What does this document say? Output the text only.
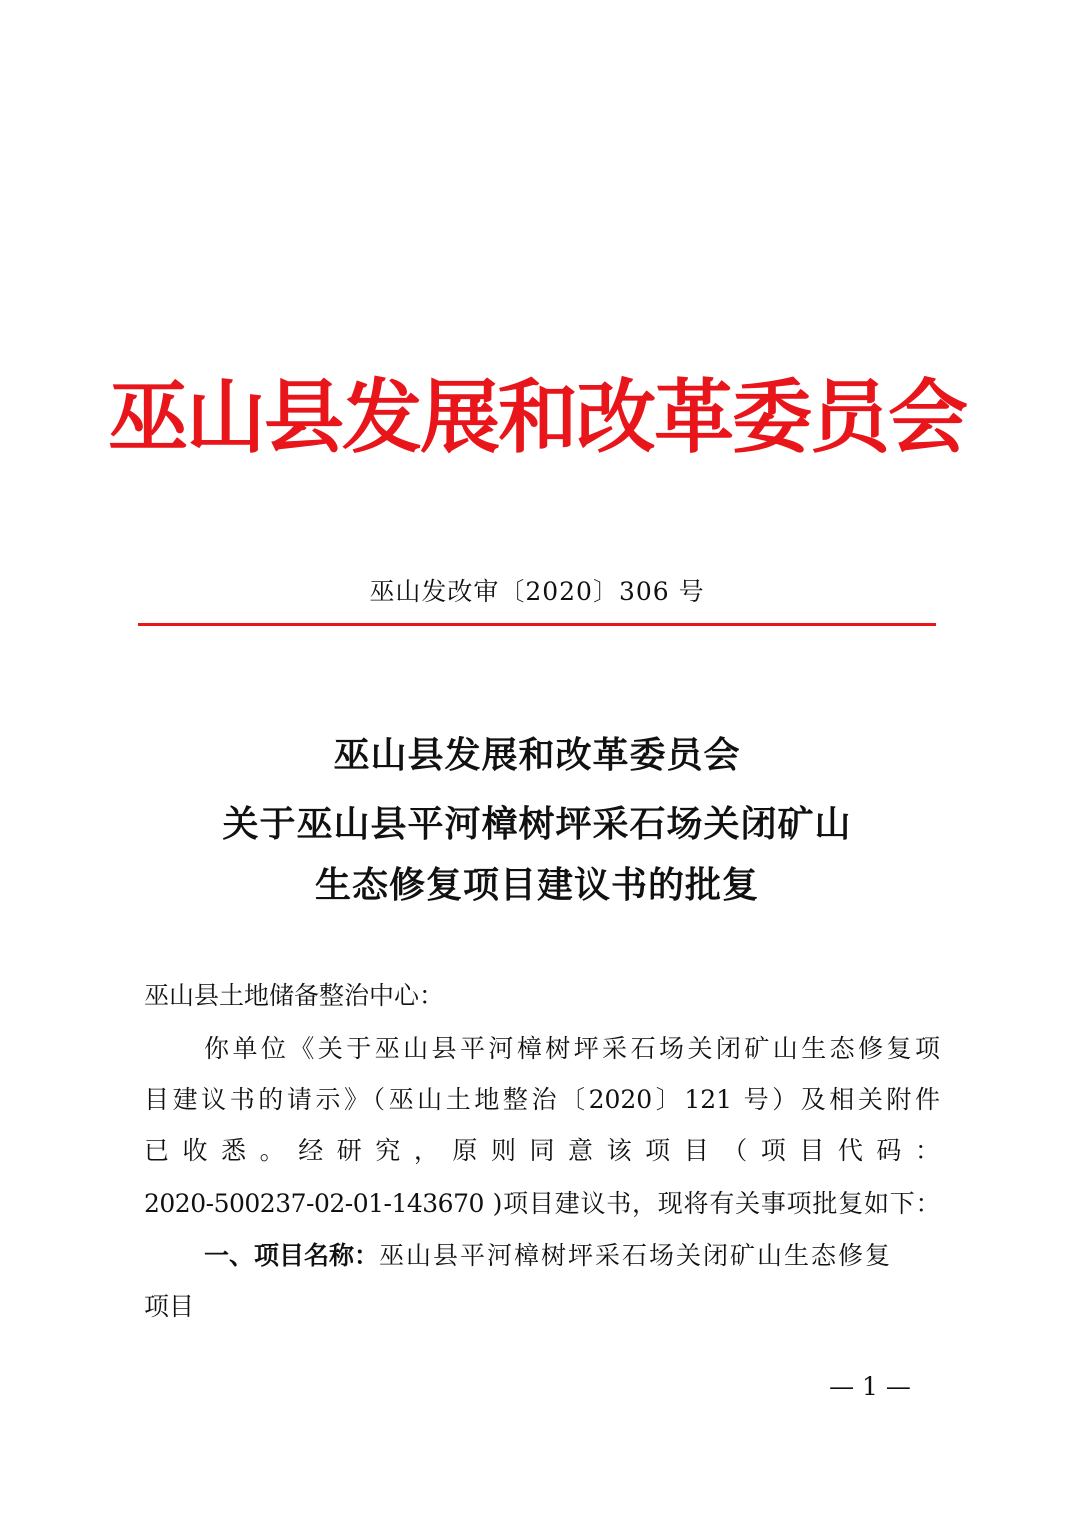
巫山县发展和改革委员会
巫山发改审〔2020〕306 号
巫山县发展和改革委员会
关于巫山县平河樟树坪采石场关闭矿山
生态修复项目建议书的批复
巫山县土地储备整治中心：
你单位《关于巫山县平河樟树坪采石场关闭矿山生态修复项
目建议书的请示》（巫山土地整治〔2020〕121 号）及相关附件
已收悉。经研究，原则同意该项目（项目代码：
2020-500237-02-01-143670 )项目建议书，现将有关事项批复如下：
一、项目名称：巫山县平河樟树坪采石场关闭矿山生态修复
项目
— 1 —
